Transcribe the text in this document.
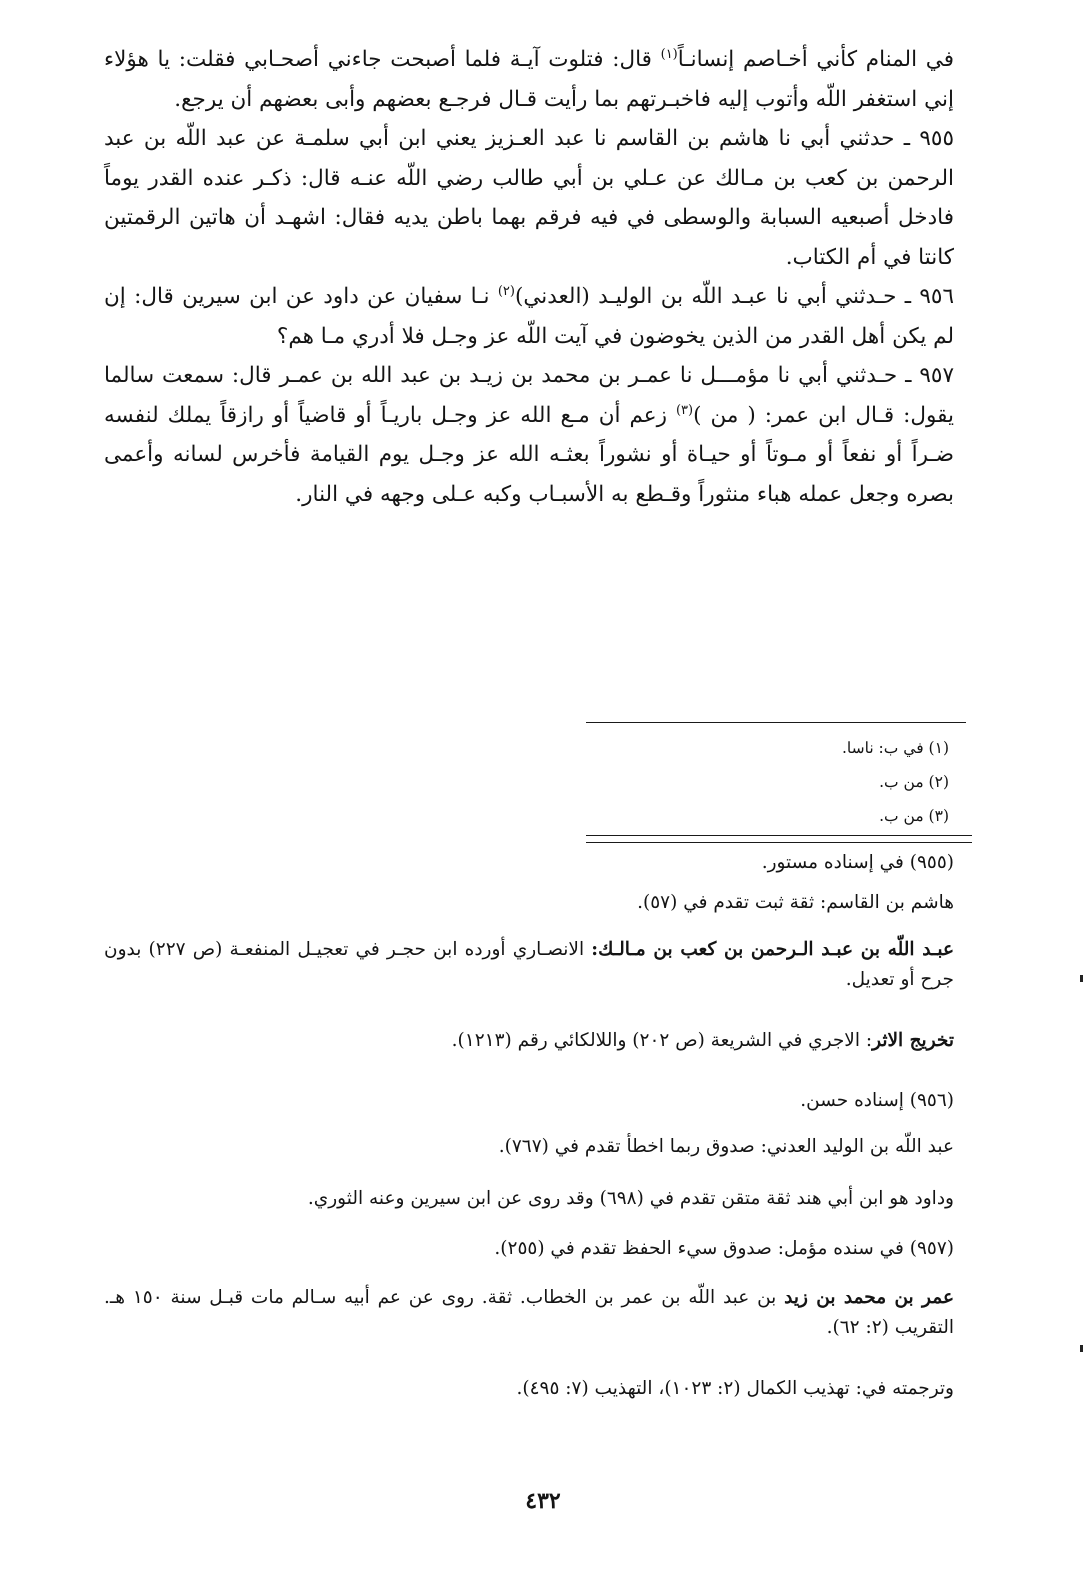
في المنام كأني أخـاصم إنسانـاً$^{(١)}$ قال: فتلوت آيـة فلما أصبحت جاءني أصحـابي فقلت: يا هؤلاء إني استغفر اللّه وأتوب إليه فاخبـرتهم بما رأيت قـال فرجـع بعضهم وأبى بعضهم أن يرجع.

٩٥٥ ـ حدثني أبي نا هاشم بن القاسم نا عبد العـزيز يعني ابن أبي سلمـة عن عبد اللّه بن عبد الرحمن بن كعب بن مـالك عن عـلي بن أبي طالب رضي اللّه عنـه قال: ذكـر عنده القدر يوماً فادخل أصبعيه السبابة والوسطى في فيه فرقم بهما باطن يديه فقال: اشهـد أن هاتين الرقمتين كانتا في أم الكتاب.

٩٥٦ ـ حـدثني أبي نا عبـد اللّه بن الوليـد (العدني)$^{(٢)}$ نـا سفيان عن داود عن ابن سيرين قال: إن لم يكن أهل القدر من الذين يخوضون في آيت اللّه عز وجـل فلا أدري مـا هم؟

٩٥٧ ـ حـدثني أبي نا مؤمـــل نا عمـر بن محمد بن زيـد بن عبد الله بن عمـر قال: سمعت سالما يقول: قـال ابن عمر: ( من )$^{(٣)}$ زعم أن مـع الله عز وجـل باريـاً أو قاضياً أو رازقاً يملك لنفسه ضـراً أو نفعاً أو مـوتاً أو حيـاة أو نشوراً بعثـه الله عز وجـل يوم القيامة فأخرس لسانه وأعمى بصره وجعل عمله هباء منثوراً وقـطع به الأسبـاب وكبه عـلى وجهه في النار.

(١) في ب: ناسا.
(٢) من ب.
(٣) من ب.
(٩٥٥) في إسناده مستور.
هاشم بن القاسم: ثقة ثبت تقدم في (٥٧).
عبـد اللّه بن عبـد الـرحمن بن كعب بن مـالـك: الانصـاري أورده ابن حجـر في تعجيـل المنفعـة (ص ٢٢٧) بدون جرح أو تعديل.
تخريج الاثر: الاجري في الشريعة (ص ٢٠٢) واللالكائي رقم (١٢١٣).
(٩٥٦) إسناده حسن.
عبد اللّه بن الوليد العدني: صدوق ربما اخطأ تقدم في (٧٦٧).
وداود هو ابن أبي هند ثقة متقن تقدم في (٦٩٨) وقد روى عن ابن سيرين وعنه الثوري.
(٩٥٧) في سنده مؤمل: صدوق سيء الحفظ تقدم في (٢٥٥).
عمر بن محمد بن زيد بن عبد اللّه بن عمر بن الخطاب. ثقة. روى عن عم أبيه سـالم مات قبـل سنة ١٥٠ هـ. التقريب (٢: ٦٢).
وترجمته في: تهذيب الكمال (٢: ١٠٢٣)، التهذيب (٧: ٤٩٥).
٤٣٢
